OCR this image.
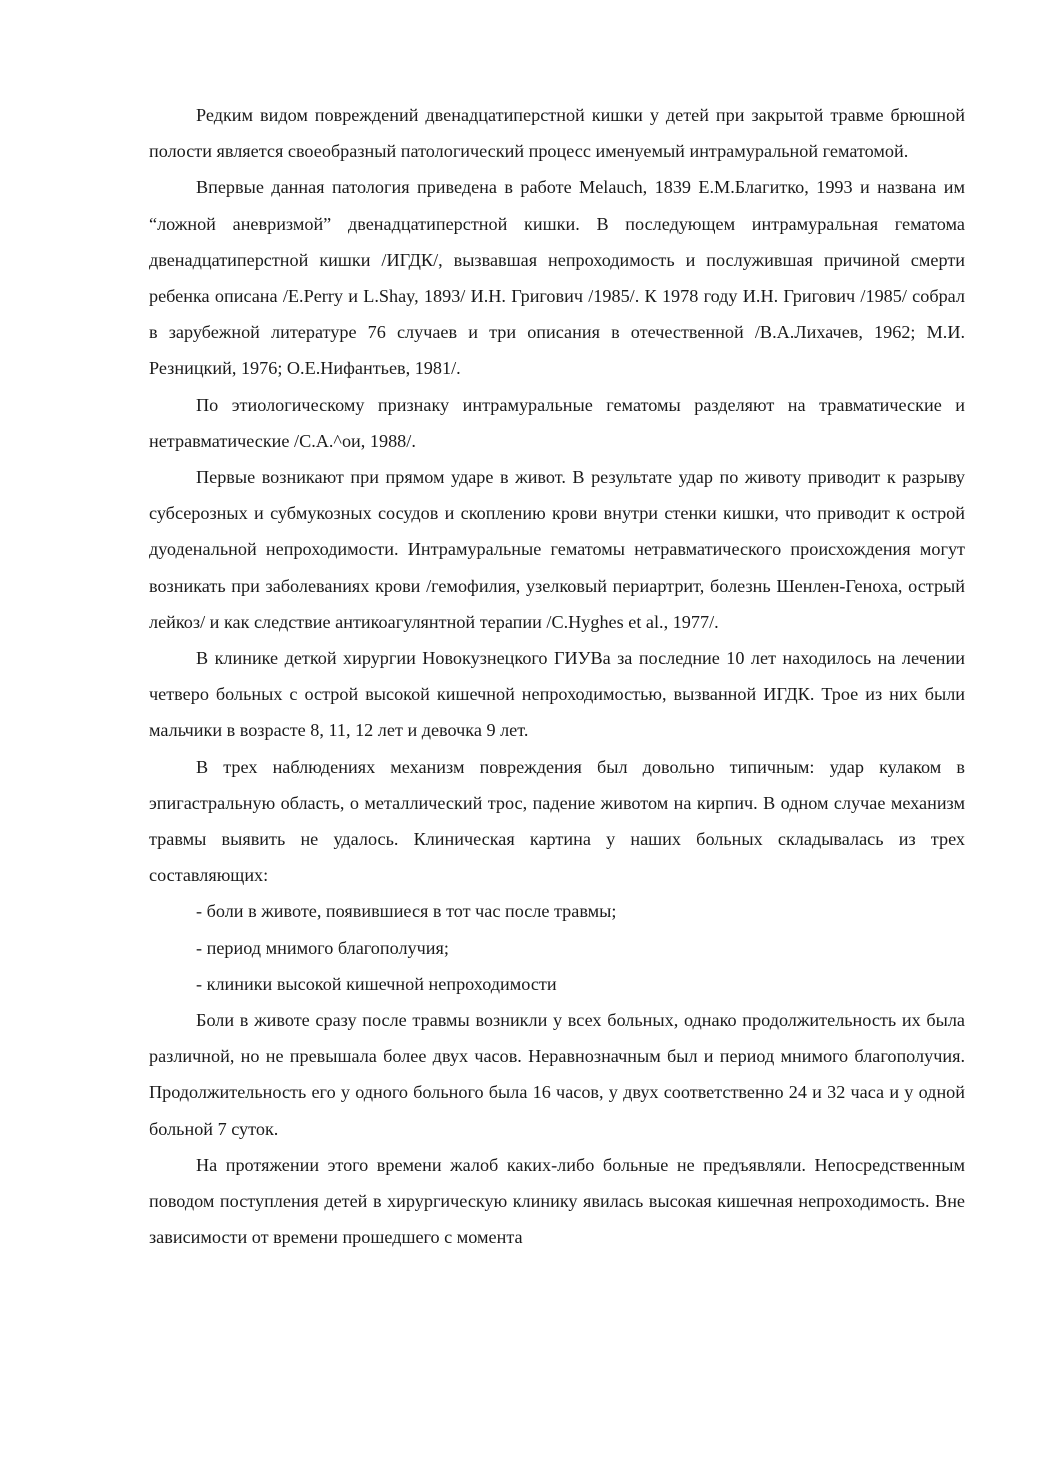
Редким видом повреждений двенадцатиперстной кишки у детей при закрытой травме брюшной полости является своеобразный патологический процесс именуемый интрамуральной гематомой.

Впервые данная патология приведена в работе Melauch, 1839 Е.М.Благитко, 1993 и названа им “ложной аневризмой” двенадцатиперстной кишки. В последующем интрамуральная гематома двенадцатиперстной кишки /ИГДК/, вызвавшая непроходимость и послужившая причиной смерти ребенка описана /E.Perry и L.Shay, 1893/ И.Н. Григович /1985/. К 1978 году И.Н. Григович /1985/ собрал в зарубежной литературе 76 случаев и три описания в отечественной /В.А.Лихачев, 1962; М.И. Резницкий, 1976; О.Е.Нифантьев, 1981/.

По этиологическому признаку интрамуральные гематомы разделяют на травматические и нетравматические /С.А.^ои, 1988/.

Первые возникают при прямом ударе в живот. В результате удар по животу приводит к разрыву субсерозных и субмукозных сосудов и скоплению крови внутри стенки кишки, что приводит к острой дуоденальной непроходимости. Интрамуральные гематомы нетравматического происхождения могут возникать при заболеваниях крови /гемофилия, узелковый периартрит, болезнь Шенлен-Геноха, острый лейкоз/ и как следствие антикоагулянтной терапии /С.Hyghes et al., 1977/.

В клинике деткой хирургии Новокузнецкого ГИУВа за последние 10 лет находилось на лечении четверо больных с острой высокой кишечной непроходимостью, вызванной ИГДК. Трое из них были мальчики в возрасте 8, 11, 12 лет и девочка 9 лет.

В трех наблюдениях механизм повреждения был довольно типичным: удар кулаком в эпигастральную область, о металлический трос, падение животом на кирпич. В одном случае механизм травмы выявить не удалось. Клиническая картина у наших больных складывалась из трех составляющих:

- боли в животе, появившиеся в тот час после травмы;

- период мнимого благополучия;

- клиники высокой кишечной непроходимости

Боли в животе сразу после травмы возникли у всех больных, однако продолжительность их была различной, но не превышала более двух часов. Неравнозначным был и период мнимого благополучия. Продолжительность его у одного больного была 16 часов, у двух соответственно 24 и 32 часа и у одной больной 7 суток.

На протяжении этого времени жалоб каких-либо больные не предъявляли. Непосредственным поводом поступления детей в хирургическую клинику явилась высокая кишечная непроходимость. Вне зависимости от времени прошедшего с момента
